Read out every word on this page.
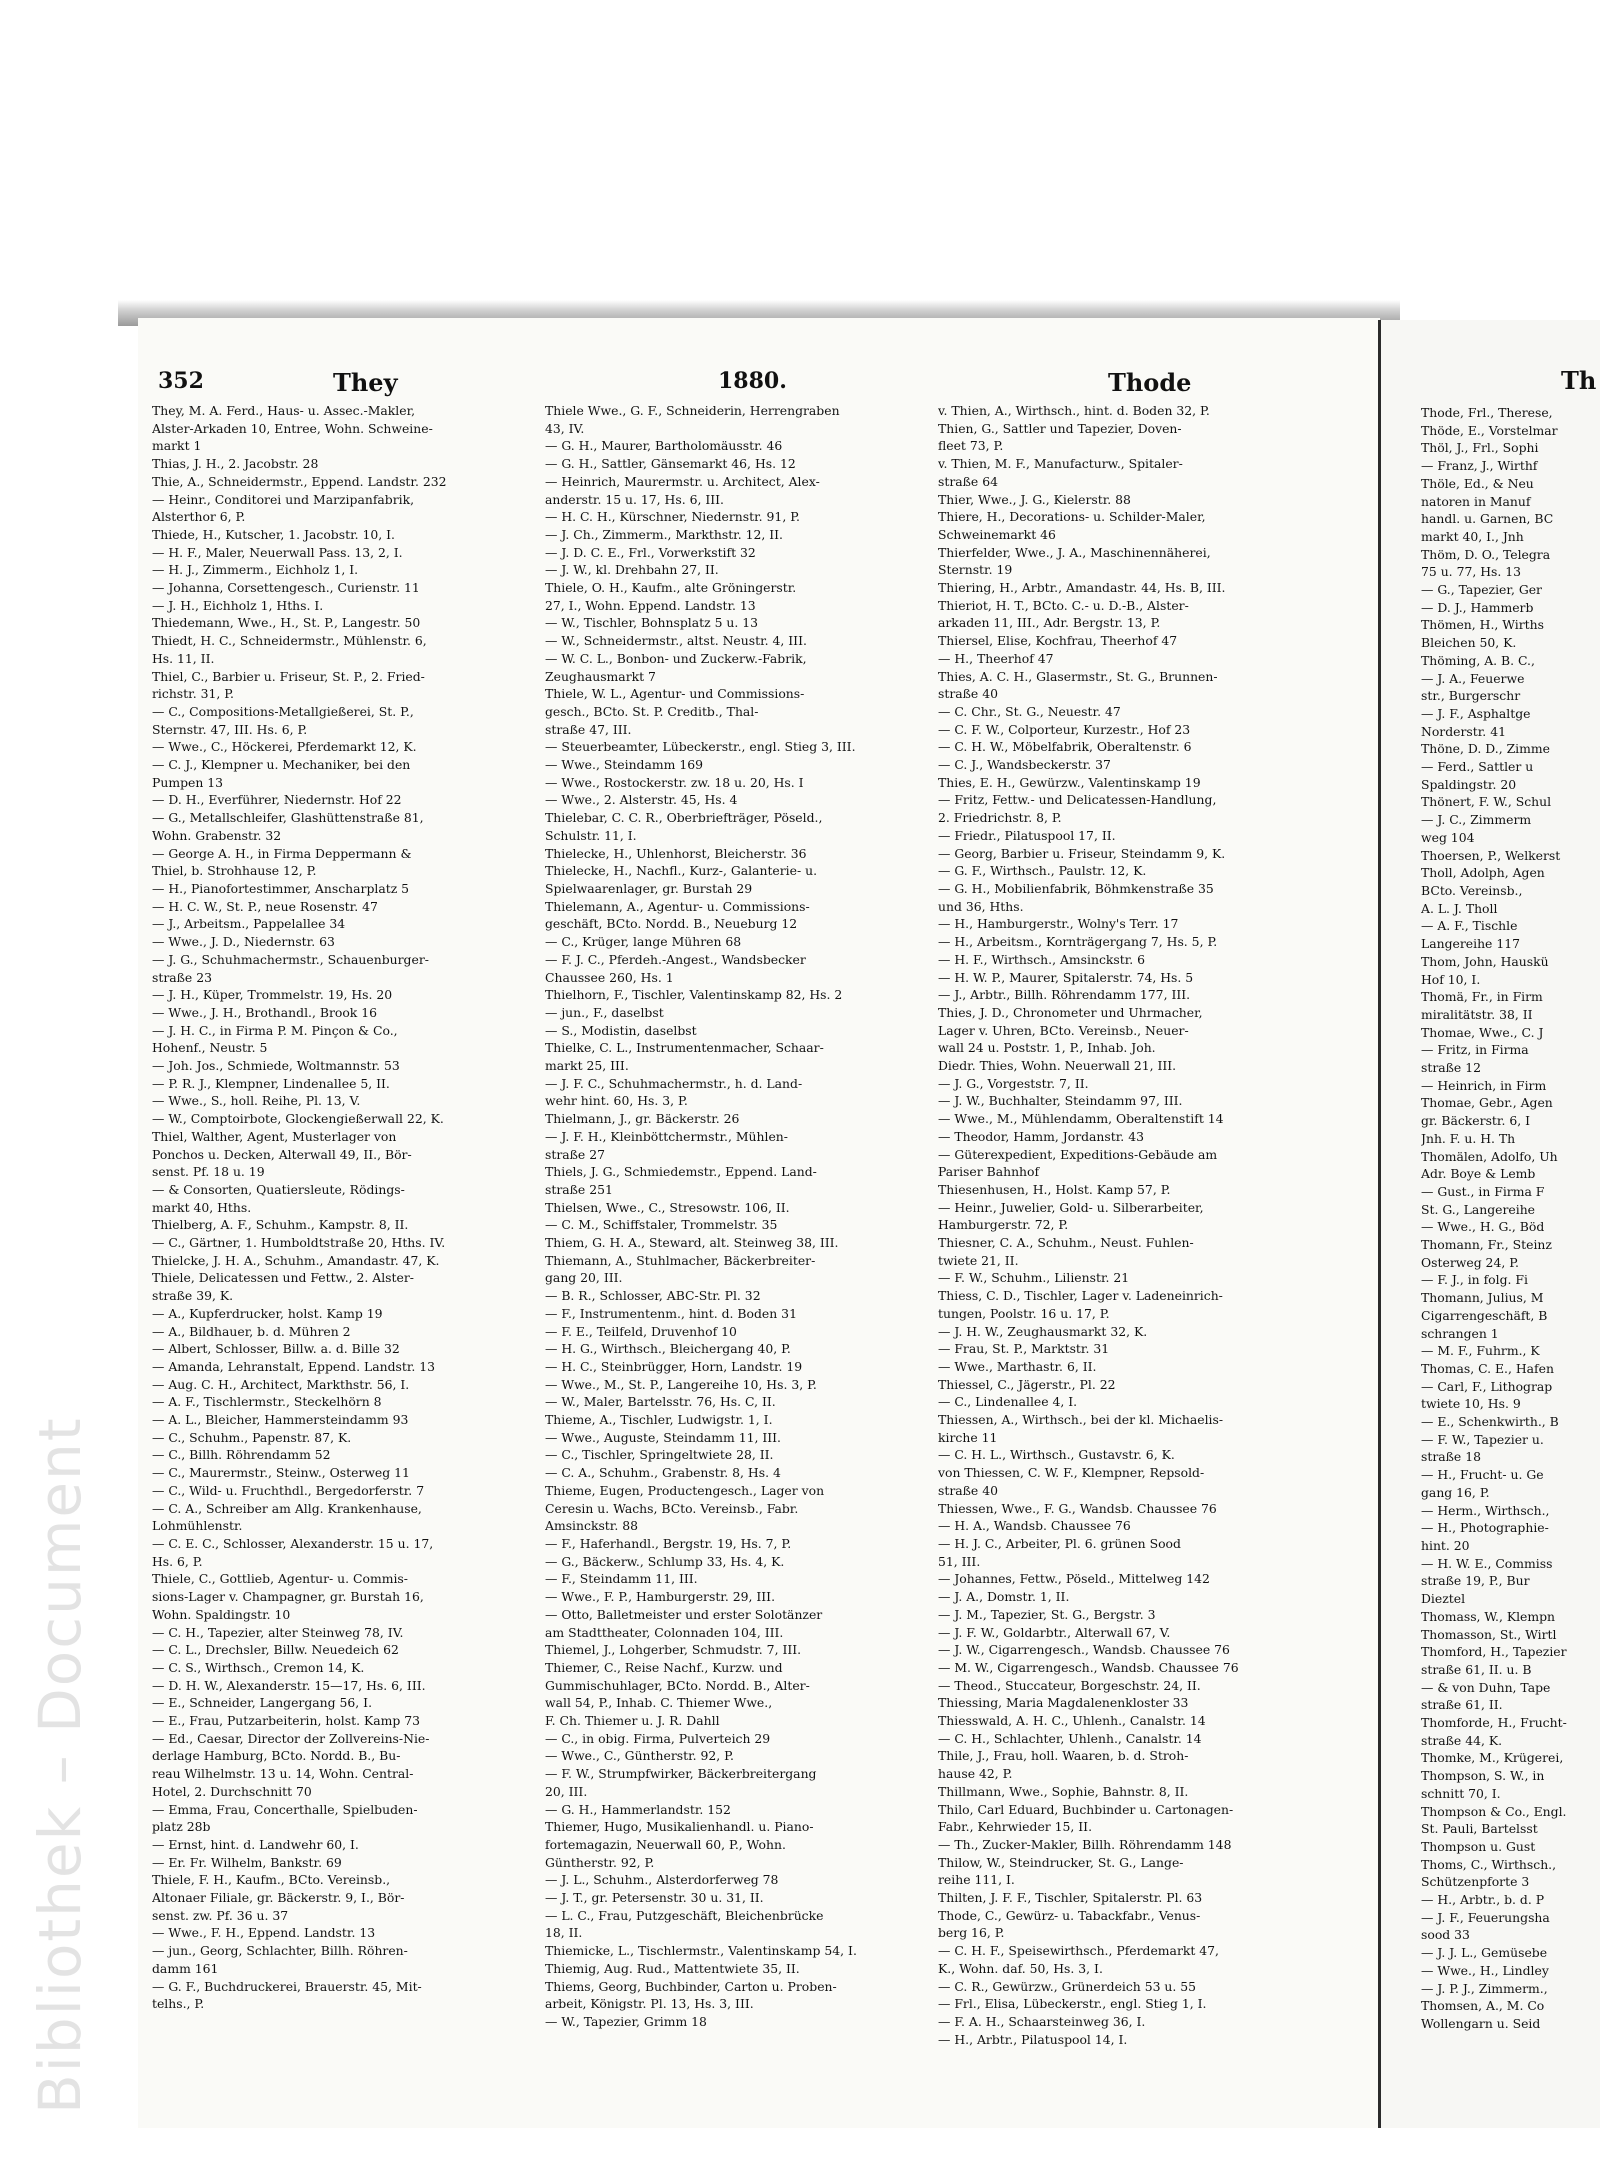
Bibliothek – Document
352	They	1880.	Thode
They, M. A. Ferd., Haus- u. Assec.-Makler,
Alster-Arkaden 10, Entree, Wohn. Schweine-
markt 1
Thias, J. H., 2. Jacobstr. 28
Thie, A., Schneidermstr., Eppend. Landstr. 232
— Heinr., Conditorei und Marzipanfabrik,
Alsterthor 6, P.
Thiede, H., Kutscher, 1. Jacobstr. 10, I.
— H. F., Maler, Neuerwall Pass. 13, 2, I.
— H. J., Zimmerm., Eichholz 1, I.
— Johanna, Corsettengesch., Curienstr. 11
— J. H., Eichholz 1, Hths. I.
Thiedemann, Wwe., H., St. P., Langestr. 50
Thiedt, H. C., Schneidermstr., Mühlenstr. 6,
Hs. 11, II.
Thiel, C., Barbier u. Friseur, St. P., 2. Fried-
richstr. 31, P.
— C., Compositions-Metallgießerei, St. P.,
Sternstr. 47, III. Hs. 6, P.
— Wwe., C., Höckerei, Pferdemarkt 12, K.
— C. J., Klempner u. Mechaniker, bei den
Pumpen 13
— D. H., Everführer, Niedernstr. Hof 22
— G., Metallschleifer, Glashüttenstraße 81,
Wohn. Grabenstr. 32
— George A. H., in Firma Deppermann &
Thiel, b. Strohhause 12, P.
— H., Pianofortestimmer, Anscharplatz 5
— H. C. W., St. P., neue Rosenstr. 47
— J., Arbeitsm., Pappelallee 34
— Wwe., J. D., Niedernstr. 63
— J. G., Schuhmachermstr., Schauenburger-
straße 23
— J. H., Küper, Trommelstr. 19, Hs. 20
— Wwe., J. H., Brothandl., Brook 16
— J. H. C., in Firma P. M. Pinçon & Co.,
Hohenf., Neustr. 5
— Joh. Jos., Schmiede, Woltmannstr. 53
— P. R. J., Klempner, Lindenallee 5, II.
— Wwe., S., holl. Reihe, Pl. 13, V.
— W., Comptoirbote, Glockengießerwall 22, K.
Thiel, Walther, Agent, Musterlager von
Ponchos u. Decken, Alterwall 49, II., Bör-
senst. Pf. 18 u. 19
— & Consorten, Quatiersleute, Rödings-
markt 40, Hths.
Thielberg, A. F., Schuhm., Kampstr. 8, II.
— C., Gärtner, 1. Humboldtstraße 20, Hths. IV.
Thielcke, J. H. A., Schuhm., Amandastr. 47, K.
Thiele, Delicatessen und Fettw., 2. Alster-
straße 39, K.
— A., Kupferdrucker, holst. Kamp 19
— A., Bildhauer, b. d. Mühren 2
— Albert, Schlosser, Billw. a. d. Bille 32
— Amanda, Lehranstalt, Eppend. Landstr. 13
— Aug. C. H., Architect, Markthstr. 56, I.
— A. F., Tischlermstr., Steckelhörn 8
— A. L., Bleicher, Hammersteindamm 93
— C., Schuhm., Papenstr. 87, K.
— C., Billh. Röhrendamm 52
— C., Maurermstr., Steinw., Osterweg 11
— C., Wild- u. Fruchthdl., Bergedorferstr. 7
— C. A., Schreiber am Allg. Krankenhause,
Lohmühlenstr.
— C. E. C., Schlosser, Alexanderstr. 15 u. 17,
Hs. 6, P.
Thiele, C., Gottlieb, Agentur- u. Commis-
sions-Lager v. Champagner, gr. Burstah 16,
Wohn. Spaldingstr. 10
— C. H., Tapezier, alter Steinweg 78, IV.
— C. L., Drechsler, Billw. Neuedeich 62
— C. S., Wirthsch., Cremon 14, K.
— D. H. W., Alexanderstr. 15—17, Hs. 6, III.
— E., Schneider, Langergang 56, I.
— E., Frau, Putzarbeiterin, holst. Kamp 73
— Ed., Caesar, Director der Zollvereins-Nie-
derlage Hamburg, BCto. Nordd. B., Bu-
reau Wilhelmstr. 13 u. 14, Wohn. Central-
Hotel, 2. Durchschnitt 70
— Emma, Frau, Concerthalle, Spielbuden-
platz 28b
— Ernst, hint. d. Landwehr 60, I.
— Er. Fr. Wilhelm, Bankstr. 69
Thiele, F. H., Kaufm., BCto. Vereinsb.,
Altonaer Filiale, gr. Bäckerstr. 9, I., Bör-
senst. zw. Pf. 36 u. 37
— Wwe., F. H., Eppend. Landstr. 13
— jun., Georg, Schlachter, Billh. Röhren-
damm 161
— G. F., Buchdruckerei, Brauerstr. 45, Mit-
telhs., P.
Thiele Wwe., G. F., Schneiderin, Herrengraben
43, IV.
— G. H., Maurer, Bartholomäusstr. 46
— G. H., Sattler, Gänsemarkt 46, Hs. 12
— Heinrich, Maurermstr. u. Architect, Alex-
anderstr. 15 u. 17, Hs. 6, III.
— H. C. H., Kürschner, Niedernstr. 91, P.
— J. Ch., Zimmerm., Markthstr. 12, II.
— J. D. C. E., Frl., Vorwerkstift 32
— J. W., kl. Drehbahn 27, II.
Thiele, O. H., Kaufm., alte Gröningerstr.
27, I., Wohn. Eppend. Landstr. 13
— W., Tischler, Bohnsplatz 5 u. 13
— W., Schneidermstr., altst. Neustr. 4, III.
— W. C. L., Bonbon- und Zuckerw.-Fabrik,
Zeughausmarkt 7
Thiele, W. L., Agentur- und Commissions-
gesch., BCto. St. P. Creditb., Thal-
straße 47, III.
— Steuerbeamter, Lübeckerstr., engl. Stieg 3, III.
— Wwe., Steindamm 169
— Wwe., Rostockerstr. zw. 18 u. 20, Hs. I
— Wwe., 2. Alsterstr. 45, Hs. 4
Thielebar, C. C. R., Oberbriefträger, Pöseld.,
Schulstr. 11, I.
Thielecke, H., Uhlenhorst, Bleicherstr. 36
Thielecke, H., Nachfl., Kurz-, Galanterie- u.
Spielwaarenlager, gr. Burstah 29
Thielemann, A., Agentur- u. Commissions-
geschäft, BCto. Nordd. B., Neueburg 12
— C., Krüger, lange Mühren 68
— F. J. C., Pferdeh.-Angest., Wandsbecker
Chaussee 260, Hs. 1
Thielhorn, F., Tischler, Valentinskamp 82, Hs. 2
— jun., F., daselbst
— S., Modistin, daselbst
Thielke, C. L., Instrumentenmacher, Schaar-
markt 25, III.
— J. F. C., Schuhmachermstr., h. d. Land-
wehr hint. 60, Hs. 3, P.
Thielmann, J., gr. Bäckerstr. 26
— J. F. H., Kleinböttchermstr., Mühlen-
straße 27
Thiels, J. G., Schmiedemstr., Eppend. Land-
straße 251
Thielsen, Wwe., C., Stresowstr. 106, II.
— C. M., Schiffstaler, Trommelstr. 35
Thiem, G. H. A., Steward, alt. Steinweg 38, III.
Thiemann, A., Stuhlmacher, Bäckerbreiter-
gang 20, III.
— B. R., Schlosser, ABC-Str. Pl. 32
— F., Instrumentenm., hint. d. Boden 31
— F. E., Teilfeld, Druvenhof 10
— H. G., Wirthsch., Bleichergang 40, P.
— H. C., Steinbrügger, Horn, Landstr. 19
— Wwe., M., St. P., Langereihe 10, Hs. 3, P.
— W., Maler, Bartelsstr. 76, Hs. C, II.
Thieme, A., Tischler, Ludwigstr. 1, I.
— Wwe., Auguste, Steindamm 11, III.
— C., Tischler, Springeltwiete 28, II.
— C. A., Schuhm., Grabenstr. 8, Hs. 4
Thieme, Eugen, Productengesch., Lager von
Ceresin u. Wachs, BCto. Vereinsb., Fabr.
Amsinckstr. 88
— F., Haferhandl., Bergstr. 19, Hs. 7, P.
— G., Bäckerw., Schlump 33, Hs. 4, K.
— F., Steindamm 11, III.
— Wwe., F. P., Hamburgerstr. 29, III.
— Otto, Balletmeister und erster Solotänzer
am Stadttheater, Colonnaden 104, III.
Thiemel, J., Lohgerber, Schmudstr. 7, III.
Thiemer, C., Reise Nachf., Kurzw. und
Gummischuhlager, BCto. Nordd. B., Alter-
wall 54, P., Inhab. C. Thiemer Wwe.,
F. Ch. Thiemer u. J. R. Dahll
— C., in obig. Firma, Pulverteich 29
— Wwe., C., Güntherstr. 92, P.
— F. W., Strumpfwirker, Bäckerbreitergang
20, III.
— G. H., Hammerlandstr. 152
Thiemer, Hugo, Musikalienhandl. u. Piano-
fortemagazin, Neuerwall 60, P., Wohn.
Güntherstr. 92, P.
— J. L., Schuhm., Alsterdorferweg 78
— J. T., gr. Petersenstr. 30 u. 31, II.
— L. C., Frau, Putzgeschäft, Bleichenbrücke
18, II.
Thiemicke, L., Tischlermstr., Valentinskamp 54, I.
Thiemig, Aug. Rud., Mattentwiete 35, II.
Thiems, Georg, Buchbinder, Carton u. Proben-
arbeit, Königstr. Pl. 13, Hs. 3, III.
— W., Tapezier, Grimm 18
v. Thien, A., Wirthsch., hint. d. Boden 32, P.
Thien, G., Sattler und Tapezier, Doven-
fleet 73, P.
v. Thien, M. F., Manufacturw., Spitaler-
straße 64
Thier, Wwe., J. G., Kielerstr. 88
Thiere, H., Decorations- u. Schilder-Maler,
Schweinemarkt 46
Thierfelder, Wwe., J. A., Maschinennäherei,
Sternstr. 19
Thiering, H., Arbtr., Amandastr. 44, Hs. B, III.
Thieriot, H. T., BCto. C.- u. D.-B., Alster-
arkaden 11, III., Adr. Bergstr. 13, P.
Thiersel, Elise, Kochfrau, Theerhof 47
— H., Theerhof 47
Thies, A. C. H., Glasermstr., St. G., Brunnen-
straße 40
— C. Chr., St. G., Neuestr. 47
— C. F. W., Colporteur, Kurzestr., Hof 23
— C. H. W., Möbelfabrik, Oberaltenstr. 6
— C. J., Wandsbeckerstr. 37
Thies, E. H., Gewürzw., Valentinskamp 19
— Fritz, Fettw.- und Delicatessen-Handlung,
2. Friedrichstr. 8, P.
— Friedr., Pilatuspool 17, II.
— Georg, Barbier u. Friseur, Steindamm 9, K.
— G. F., Wirthsch., Paulstr. 12, K.
— G. H., Mobilienfabrik, Böhmkenstraße 35
und 36, Hths.
— H., Hamburgerstr., Wolny's Terr. 17
— H., Arbeitsm., Kornträgergang 7, Hs. 5, P.
— H. F., Wirthsch., Amsinckstr. 6
— H. W. P., Maurer, Spitalerstr. 74, Hs. 5
— J., Arbtr., Billh. Röhrendamm 177, III.
Thies, J. D., Chronometer und Uhrmacher,
Lager v. Uhren, BCto. Vereinsb., Neuer-
wall 24 u. Poststr. 1, P., Inhab. Joh.
Diedr. Thies, Wohn. Neuerwall 21, III.
— J. G., Vorgeststr. 7, II.
— J. W., Buchhalter, Steindamm 97, III.
— Wwe., M., Mühlendamm, Oberaltenstift 14
— Theodor, Hamm, Jordanstr. 43
— Güterexpedient, Expeditions-Gebäude am
Pariser Bahnhof
Thiesenhusen, H., Holst. Kamp 57, P.
— Heinr., Juwelier, Gold- u. Silberarbeiter,
Hamburgerstr. 72, P.
Thiesner, C. A., Schuhm., Neust. Fuhlen-
twiete 21, II.
— F. W., Schuhm., Lilienstr. 21
Thiess, C. D., Tischler, Lager v. Ladeneinrich-
tungen, Poolstr. 16 u. 17, P.
— J. H. W., Zeughausmarkt 32, K.
— Frau, St. P., Marktstr. 31
— Wwe., Marthastr. 6, II.
Thiessel, C., Jägerstr., Pl. 22
— C., Lindenallee 4, I.
Thiessen, A., Wirthsch., bei der kl. Michaelis-
kirche 11
— C. H. L., Wirthsch., Gustavstr. 6, K.
von Thiessen, C. W. F., Klempner, Repsold-
straße 40
Thiessen, Wwe., F. G., Wandsb. Chaussee 76
— H. A., Wandsb. Chaussee 76
— H. J. C., Arbeiter, Pl. 6. grünen Sood
51, III.
— Johannes, Fettw., Pöseld., Mittelweg 142
— J. A., Domstr. 1, II.
— J. M., Tapezier, St. G., Bergstr. 3
— J. F. W., Goldarbtr., Alterwall 67, V.
— J. W., Cigarrengesch., Wandsb. Chaussee 76
— M. W., Cigarrengesch., Wandsb. Chaussee 76
— Theod., Stuccateur, Borgeschstr. 24, II.
Thiessing, Maria Magdalenenkloster 33
Thiesswald, A. H. C., Uhlenh., Canalstr. 14
— C. H., Schlachter, Uhlenh., Canalstr. 14
Thile, J., Frau, holl. Waaren, b. d. Stroh-
hause 42, P.
Thillmann, Wwe., Sophie, Bahnstr. 8, II.
Thilo, Carl Eduard, Buchbinder u. Cartonagen-
Fabr., Kehrwieder 15, II.
— Th., Zucker-Makler, Billh. Röhrendamm 148
Thilow, W., Steindrucker, St. G., Lange-
reihe 111, I.
Thilten, J. F. F., Tischler, Spitalerstr. Pl. 63
Thode, C., Gewürz- u. Tabackfabr., Venus-
berg 16, P.
— C. H. F., Speisewirthsch., Pferdemarkt 47,
K., Wohn. daf. 50, Hs. 3, I.
— C. R., Gewürzw., Grünerdeich 53 u. 55
— Frl., Elisa, Lübeckerstr., engl. Stieg 1, I.
— F. A. H., Schaarsteinweg 36, I.
— H., Arbtr., Pilatuspool 14, I.
Th
Thode, Frl., Therese,
Thöde, E., Vorstelmar
Thöl, J., Frl., Sophi
— Franz, J., Wirthf
Thöle, Ed., & Neu
natoren in Manuf
handl. u. Garnen, BC
markt 40, I., Jnh
Thöm, D. O., Telegra
75 u. 77, Hs. 13
— G., Tapezier, Ger
— D. J., Hammerb
Thömen, H., Wirths
Bleichen 50, K.
Thöming, A. B. C.,
— J. A., Feuerwe
str., Burgerschr
— J. F., Asphaltge
Norderstr. 41
Thöne, D. D., Zimme
— Ferd., Sattler u
Spaldingstr. 20
Thönert, F. W., Schul
— J. C., Zimmerm
weg 104
Thoersen, P., Welkerst
Tholl, Adolph, Agen
BCto. Vereinsb.,
A. L. J. Tholl
— A. F., Tischle
Langereihe 117
Thom, John, Hauskü
Hof 10, I.
Thomä, Fr., in Firm
miralitätstr. 38, II
Thomae, Wwe., C. J
— Fritz, in Firma
straße 12
— Heinrich, in Firm
Thomae, Gebr., Agen
gr. Bäckerstr. 6, I
Jnh. F. u. H. Th
Thomälen, Adolfo, Uh
Adr. Boye & Lemb
— Gust., in Firma F
St. G., Langereihe
— Wwe., H. G., Böd
Thomann, Fr., Steinz
Osterweg 24, P.
— F. J., in folg. Fi
Thomann, Julius, M
Cigarrengeschäft, B
schrangen 1
— M. F., Fuhrm., K
Thomas, C. E., Hafen
— Carl, F., Lithograp
twiete 10, Hs. 9
— E., Schenkwirth., B
— F. W., Tapezier u.
straße 18
— H., Frucht- u. Ge
gang 16, P.
— Herm., Wirthsch.,
— H., Photographie-
hint. 20
— H. W. E., Commiss
straße 19, P., Bur
Dieztel
Thomass, W., Klempn
Thomasson, St., Wirtl
Thomford, H., Tapezier
straße 61, II. u. B
— & von Duhn, Tape
straße 61, II.
Thomforde, H., Frucht-
straße 44, K.
Thomke, M., Krügerei,
Thompson, S. W., in
schnitt 70, I.
Thompson & Co., Engl.
St. Pauli, Bartelsst
Thompson u. Gust
Thoms, C., Wirthsch.,
Schützenpforte 3
— H., Arbtr., b. d. P
— J. F., Feuerungsha
sood 33
— J. J. L., Gemüsebe
— Wwe., H., Lindley
— J. P. J., Zimmerm.,
Thomsen, A., M. Co
Wollengarn u. Seid
